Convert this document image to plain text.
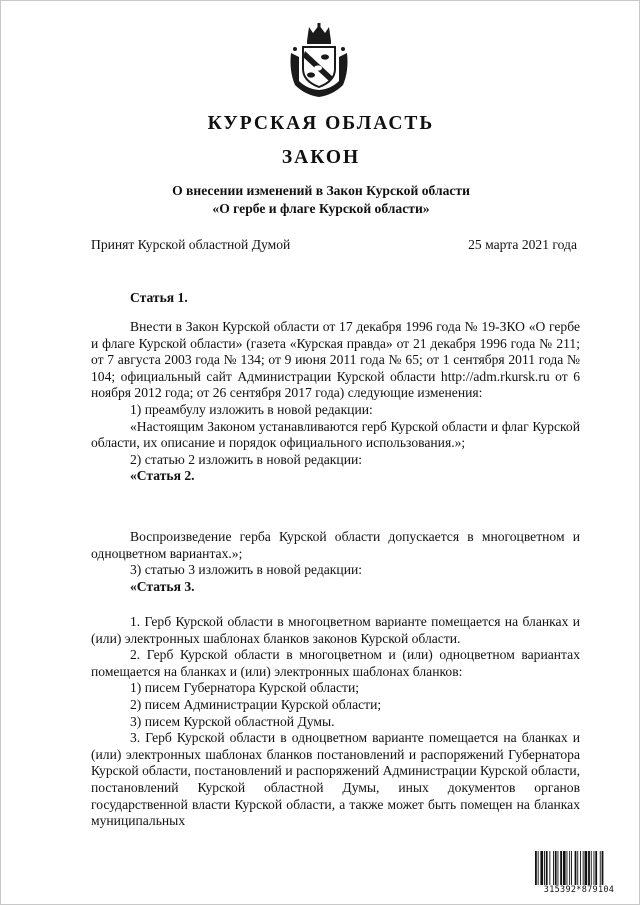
КУРСКАЯ ОБЛАСТЬ
ЗАКОН
О внесении изменений в Закон Курской области
«О гербе и флаге Курской области»
Принят Курской областной Думой	25 марта 2021 года
Статья 1.

Внести в Закон Курской области от 17 декабря 1996 года № 19-ЗКО «О гербе и флаге Курской области» (газета «Курская правда» от 21 декабря 1996 года № 211; от 7 августа 2003 года № 134; от 9 июня 2011 года № 65; от 1 сентября 2011 года № 104; официальный сайт Администрации Курской области http://adm.rkursk.ru от 6 ноября 2012 года; от 26 сентября 2017 года) следующие изменения:

1) преамбулу изложить в новой редакции:

«Настоящим Законом устанавливаются герб Курской области и флаг Курской области, их описание и порядок официального использования.»;

2) статью 2 изложить в новой редакции:

«Статья 2.

Воспроизведение герба Курской области допускается в многоцветном и одноцветном вариантах.»;

3) статью 3 изложить в новой редакции:

«Статья 3.

1. Герб Курской области в многоцветном варианте помещается на бланках и (или) электронных шаблонах бланков законов Курской области.

2. Герб Курской области в многоцветном и (или) одноцветном вариантах помещается на бланках и (или) электронных шаблонах бланков:

1) писем Губернатора Курской области;

2) писем Администрации Курской области;

3) писем Курской областной Думы.

3. Герб Курской области в одноцветном варианте помещается на бланках и (или) электронных шаблонах бланков постановлений и распоряжений Губернатора Курской области, постановлений и распоряжений Администрации Курской области, постановлений Курской областной Думы, иных документов органов государственной власти Курской области, а также может быть помещен на бланках муниципальных

315392*879104
